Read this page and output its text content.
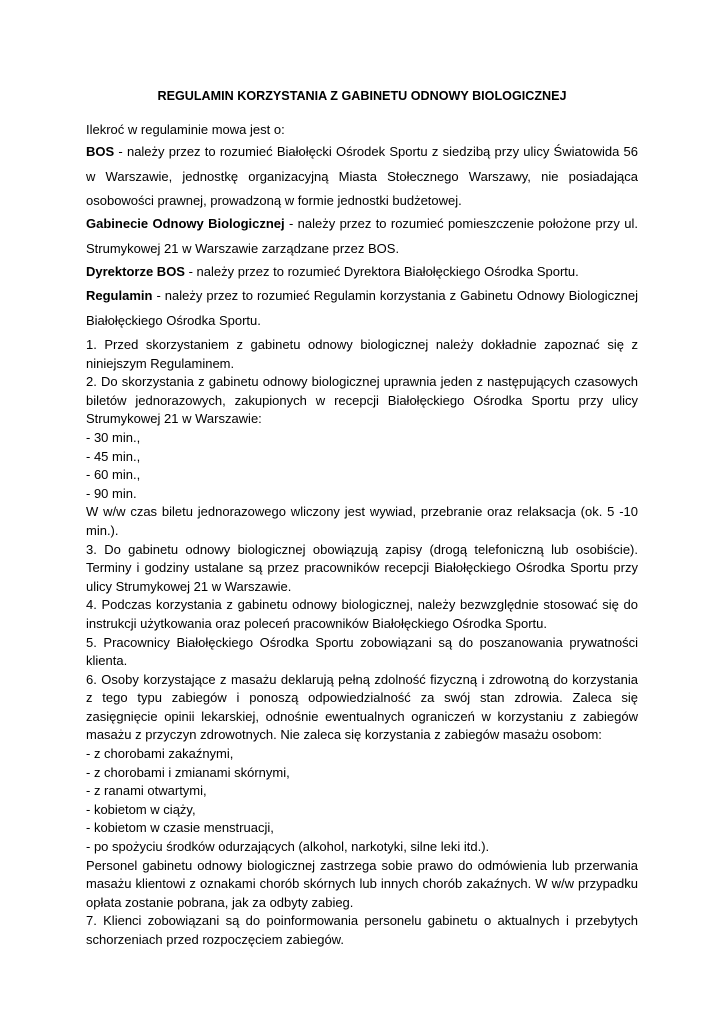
REGULAMIN KORZYSTANIA Z GABINETU ODNOWY BIOLOGICZNEJ
Ilekroć w regulaminie mowa jest o:
BOS - należy przez to rozumieć Białołęcki Ośrodek Sportu z siedzibą przy ulicy Światowida 56 w Warszawie, jednostkę organizacyjną Miasta Stołecznego Warszawy, nie posiadająca osobowości prawnej, prowadzoną w formie jednostki budżetowej.
Gabinecie Odnowy Biologicznej - należy przez to rozumieć pomieszczenie położone przy ul. Strumykowej 21 w Warszawie zarządzane przez BOS.
Dyrektorze BOS - należy przez to rozumieć Dyrektora Białołęckiego Ośrodka Sportu.
Regulamin - należy przez to rozumieć Regulamin korzystania z Gabinetu Odnowy Biologicznej Białołęckiego Ośrodka Sportu.

1. Przed skorzystaniem z gabinetu odnowy biologicznej należy dokładnie zapoznać się z niniejszym Regulaminem.

2. Do skorzystania z gabinetu odnowy biologicznej uprawnia jeden z następujących czasowych biletów jednorazowych, zakupionych w recepcji Białołęckiego Ośrodka Sportu przy ulicy Strumykowej 21 w Warszawie:

- 30 min.,

- 45 min.,

- 60 min.,

- 90 min.

W w/w czas biletu jednorazowego wliczony jest wywiad, przebranie oraz relaksacja (ok. 5 -10 min.).

3. Do gabinetu odnowy biologicznej obowiązują zapisy (drogą telefoniczną lub osobiście). Terminy i godziny ustalane są przez pracowników recepcji Białołęckiego Ośrodka Sportu przy ulicy Strumykowej 21 w Warszawie.

4. Podczas korzystania z gabinetu odnowy biologicznej, należy bezwzględnie stosować się do instrukcji użytkowania oraz poleceń pracowników Białołęckiego Ośrodka Sportu.

5. Pracownicy Białołęckiego Ośrodka Sportu zobowiązani są do poszanowania prywatności klienta.

6. Osoby korzystające z masażu deklarują pełną zdolność fizyczną i zdrowotną do korzystania z tego typu zabiegów i ponoszą odpowiedzialność za swój stan zdrowia. Zaleca się zasięgnięcie opinii lekarskiej, odnośnie ewentualnych ograniczeń w korzystaniu z zabiegów masażu z przyczyn zdrowotnych. Nie zaleca się korzystania z zabiegów masażu osobom:

- z chorobami zakaźnymi,

- z chorobami i zmianami skórnymi,

- z ranami otwartymi,

- kobietom w ciąży,

- kobietom w czasie menstruacji,

- po spożyciu środków odurzających (alkohol, narkotyki, silne leki itd.).

Personel gabinetu odnowy biologicznej zastrzega sobie prawo do odmówienia lub przerwania masażu klientowi z oznakami chorób skórnych lub innych chorób zakaźnych. W w/w przypadku opłata zostanie pobrana, jak za odbyty zabieg.

7. Klienci zobowiązani są do poinformowania personelu gabinetu o aktualnych i przebytych schorzeniach przed rozpoczęciem zabiegów.
